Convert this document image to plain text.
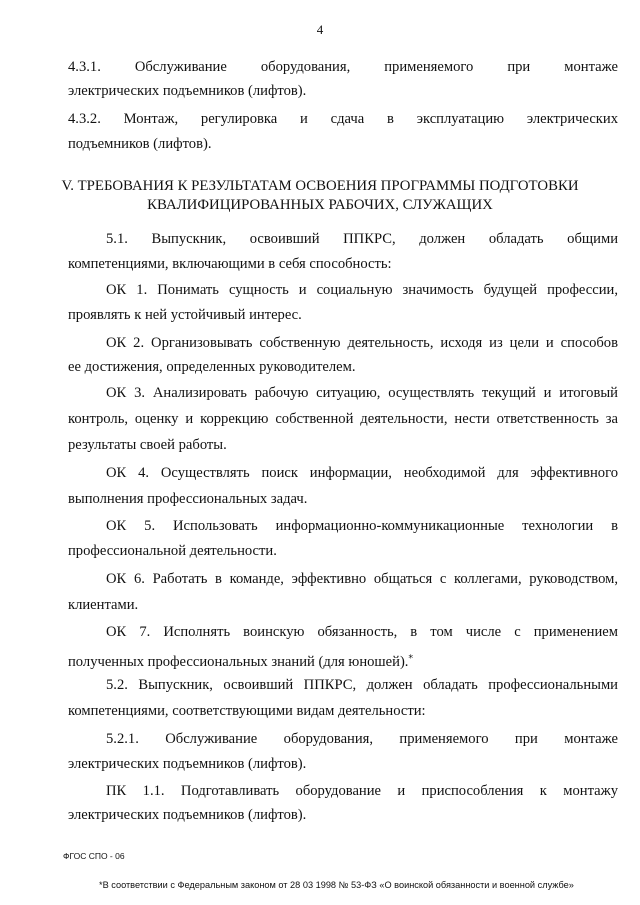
4
4.3.1. Обслуживание оборудования, применяемого при монтаже
электрических подъемников (лифтов).
4.3.2. Монтаж, регулировка и сдача в эксплуатацию электрических
подъемников (лифтов).
V. ТРЕБОВАНИЯ К РЕЗУЛЬТАТАМ ОСВОЕНИЯ ПРОГРАММЫ ПОДГОТОВКИ
КВАЛИФИЦИРОВАННЫХ РАБОЧИХ, СЛУЖАЩИХ
5.1. Выпускник, освоивший ППКРС, должен обладать общими
компетенциями, включающими в себя способность:
ОК 1. Понимать сущность и социальную значимость будущей профессии,
проявлять к ней устойчивый интерес.
ОК 2. Организовывать собственную деятельность, исходя из цели и способов
ее достижения, определенных руководителем.
ОК 3. Анализировать рабочую ситуацию, осуществлять текущий и итоговый
контроль, оценку и коррекцию собственной деятельности, нести ответственность за
результаты своей работы.
ОК 4. Осуществлять поиск информации, необходимой для эффективного
выполнения профессиональных задач.
ОК 5. Использовать информационно-коммуникационные технологии в
профессиональной деятельности.
ОК 6. Работать в команде, эффективно общаться с коллегами, руководством,
клиентами.
ОК 7. Исполнять воинскую обязанность, в том числе с применением
полученных профессиональных знаний (для юношей).⁎
5.2. Выпускник, освоивший ППКРС, должен обладать профессиональными
компетенциями, соответствующими видам деятельности:
5.2.1. Обслуживание оборудования, применяемого при монтаже
электрических подъемников (лифтов).
ПК 1.1. Подготавливать оборудование и приспособления к монтажу
электрических подъемников (лифтов).
ФГОС СПО - 06
*В соответствии с Федеральным законом от 28 03 1998 № 53-ФЗ «О воинской обязанности и военной службе»
